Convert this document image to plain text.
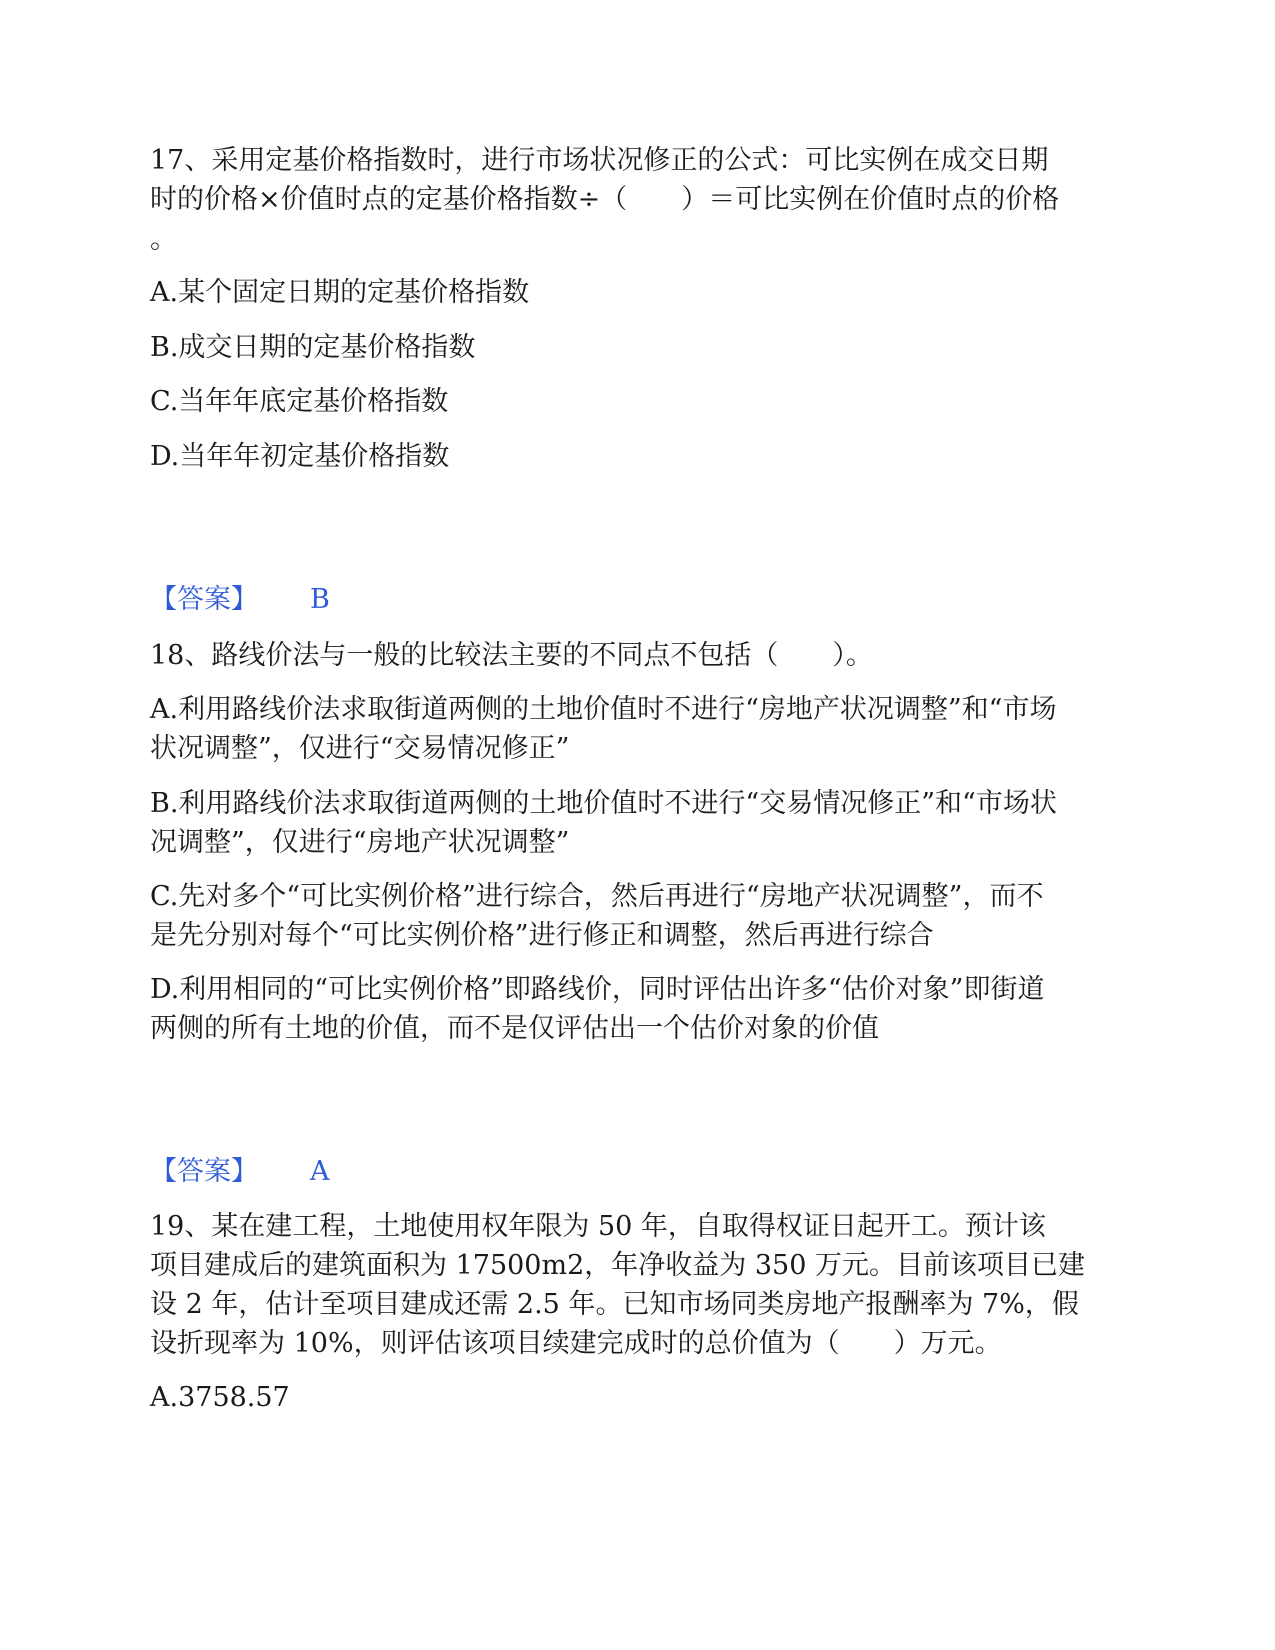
17、采用定基价格指数时，进行市场状况修正的公式：可比实例在成交日期
时的价格×价值时点的定基价格指数÷（　　）＝可比实例在价值时点的价格
。
A.某个固定日期的定基价格指数
B.成交日期的定基价格指数
C.当年年底定基价格指数
D.当年年初定基价格指数
【答案】 B
18、路线价法与一般的比较法主要的不同点不包括（　　）。
A.利用路线价法求取街道两侧的土地价值时不进行“房地产状况调整”和“市场
状况调整”，仅进行“交易情况修正”
B.利用路线价法求取街道两侧的土地价值时不进行“交易情况修正”和“市场状
况调整”，仅进行“房地产状况调整”
C.先对多个“可比实例价格”进行综合，然后再进行“房地产状况调整”，而不
是先分别对每个“可比实例价格”进行修正和调整，然后再进行综合
D.利用相同的“可比实例价格”即路线价，同时评估出许多“估价对象”即街道
两侧的所有土地的价值，而不是仅评估出一个估价对象的价值
【答案】 A
19、某在建工程，土地使用权年限为 50 年，自取得权证日起开工。预计该
项目建成后的建筑面积为 17500m2，年净收益为 350 万元。目前该项目已建
设 2 年，估计至项目建成还需 2.5 年。已知市场同类房地产报酬率为 7%，假
设折现率为 10%，则评估该项目续建完成时的总价值为（　　）万元。
A.3758.57
